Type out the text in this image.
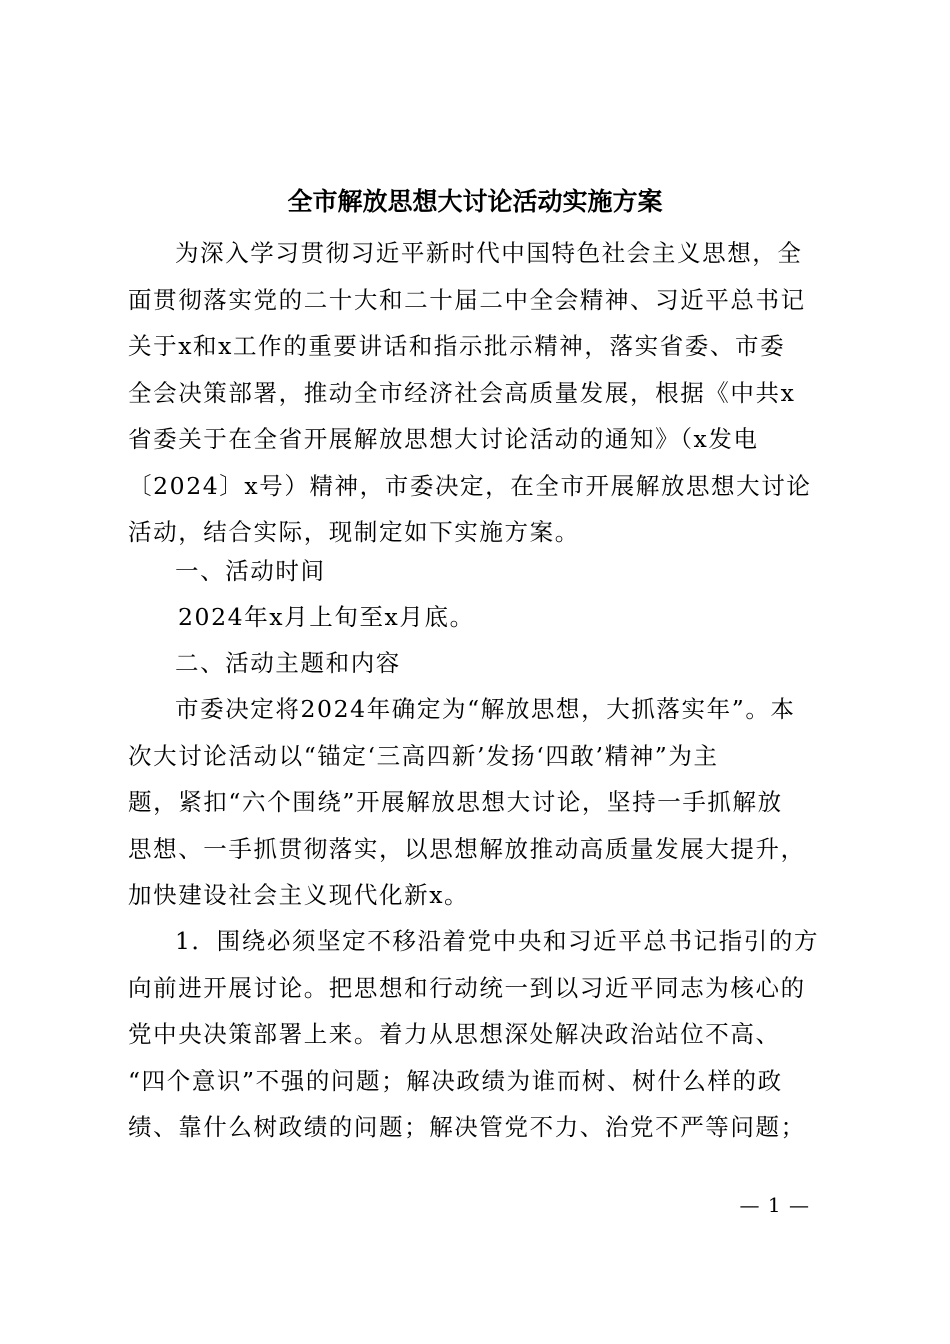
全市解放思想大讨论活动实施方案

为深入学习贯彻习近平新时代中国特色社会主义思想，全
面贯彻落实党的二十大和二十届二中全会精神、习近平总书记
关于x和x工作的重要讲话和指示批示精神，落实省委、市委
全会决策部署，推动全市经济社会高质量发展，根据《中共x
省委关于在全省开展解放思想大讨论活动的通知》（x发电
〔2024〕x号）精神，市委决定，在全市开展解放思想大讨论
活动，结合实际，现制定如下实施方案。

一、活动时间

2024年x月上旬至x月底。

二、活动主题和内容

市委决定将2024年确定为“解放思想，大抓落实年”。本
次大讨论活动以“锚定‘三高四新’发扬‘四敢’精神”为主
题，紧扣“六个围绕”开展解放思想大讨论，坚持一手抓解放
思想、一手抓贯彻落实，以思想解放推动高质量发展大提升，
加快建设社会主义现代化新x。

1．围绕必须坚定不移沿着党中央和习近平总书记指引的方
向前进开展讨论。把思想和行动统一到以习近平同志为核心的
党中央决策部署上来。着力从思想深处解决政治站位不高、
“四个意识”不强的问题；解决政绩为谁而树、树什么样的政
绩、靠什么树政绩的问题；解决管党不力、治党不严等问题；

— 1 —
